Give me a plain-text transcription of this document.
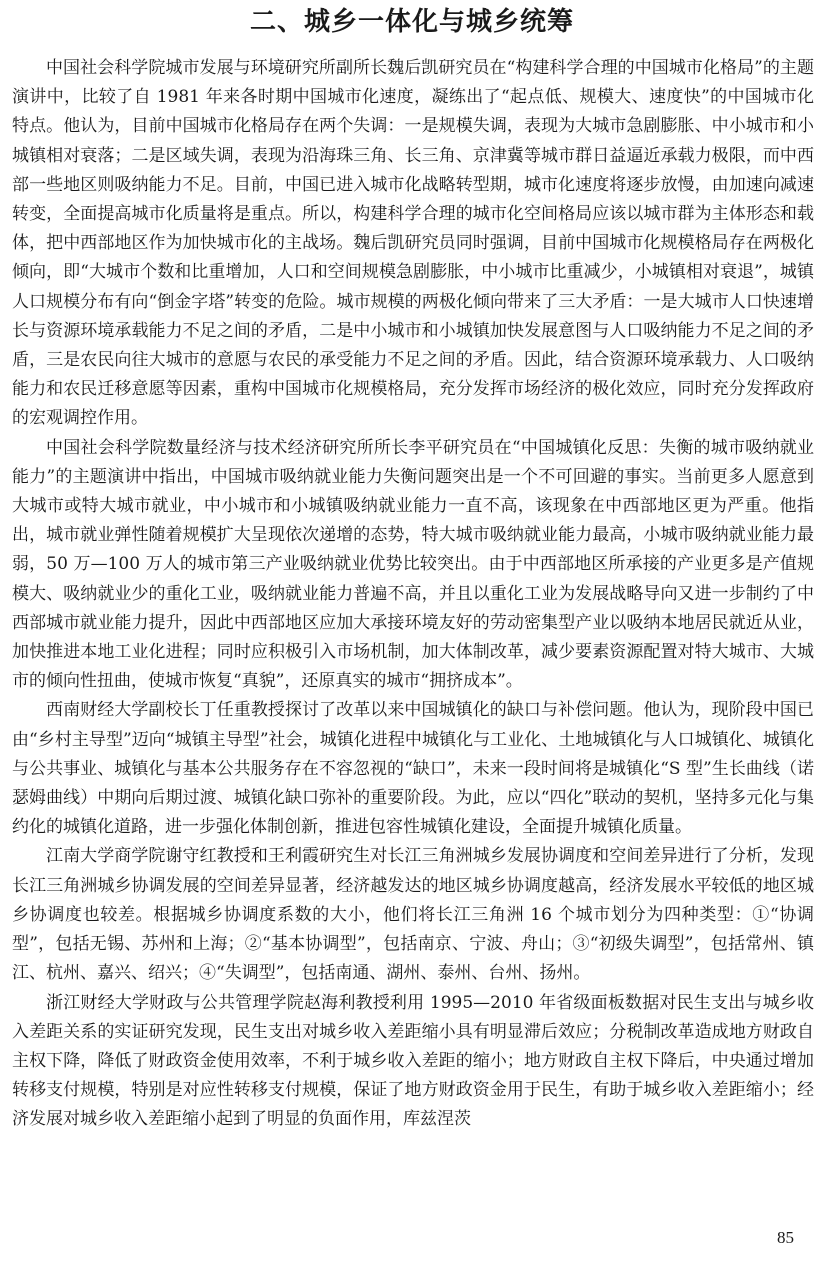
二、城乡一体化与城乡统筹

中国社会科学院城市发展与环境研究所副所长魏后凯研究员在“构建科学合理的中国城市化格局”的主题演讲中，比较了自 1981 年来各时期中国城市化速度，凝练出了“起点低、规模大、速度快”的中国城市化特点。他认为，目前中国城市化格局存在两个失调：一是规模失调，表现为大城市急剧膨胀、中小城市和小城镇相对衰落；二是区域失调，表现为沿海珠三角、长三角、京津冀等城市群日益逼近承载力极限，而中西部一些地区则吸纳能力不足。目前，中国已进入城市化战略转型期，城市化速度将逐步放慢，由加速向减速转变，全面提高城市化质量将是重点。所以，构建科学合理的城市化空间格局应该以城市群为主体形态和载体，把中西部地区作为加快城市化的主战场。魏后凯研究员同时强调，目前中国城市化规模格局存在两极化倾向，即“大城市个数和比重增加，人口和空间规模急剧膨胀，中小城市比重减少，小城镇相对衰退”，城镇人口规模分布有向“倒金字塔”转变的危险。城市规模的两极化倾向带来了三大矛盾：一是大城市人口快速增长与资源环境承载能力不足之间的矛盾，二是中小城市和小城镇加快发展意图与人口吸纳能力不足之间的矛盾，三是农民向往大城市的意愿与农民的承受能力不足之间的矛盾。因此，结合资源环境承载力、人口吸纳能力和农民迁移意愿等因素，重构中国城市化规模格局，充分发挥市场经济的极化效应，同时充分发挥政府的宏观调控作用。

中国社会科学院数量经济与技术经济研究所所长李平研究员在“中国城镇化反思：失衡的城市吸纳就业能力”的主题演讲中指出，中国城市吸纳就业能力失衡问题突出是一个不可回避的事实。当前更多人愿意到大城市或特大城市就业，中小城市和小城镇吸纳就业能力一直不高，该现象在中西部地区更为严重。他指出，城市就业弹性随着规模扩大呈现依次递增的态势，特大城市吸纳就业能力最高，小城市吸纳就业能力最弱，50 万—100 万人的城市第三产业吸纳就业优势比较突出。由于中西部地区所承接的产业更多是产值规模大、吸纳就业少的重化工业，吸纳就业能力普遍不高，并且以重化工业为发展战略导向又进一步制约了中西部城市就业能力提升，因此中西部地区应加大承接环境友好的劳动密集型产业以吸纳本地居民就近从业，加快推进本地工业化进程；同时应积极引入市场机制，加大体制改革，减少要素资源配置对特大城市、大城市的倾向性扭曲，使城市恢复“真貌”，还原真实的城市“拥挤成本”。

西南财经大学副校长丁任重教授探讨了改革以来中国城镇化的缺口与补偿问题。他认为，现阶段中国已由“乡村主导型”迈向“城镇主导型”社会，城镇化进程中城镇化与工业化、土地城镇化与人口城镇化、城镇化与公共事业、城镇化与基本公共服务存在不容忽视的“缺口”，未来一段时间将是城镇化“S 型”生长曲线（诺瑟姆曲线）中期向后期过渡、城镇化缺口弥补的重要阶段。为此，应以“四化”联动的契机，坚持多元化与集约化的城镇化道路，进一步强化体制创新，推进包容性城镇化建设，全面提升城镇化质量。

江南大学商学院谢守红教授和王利霞研究生对长江三角洲城乡发展协调度和空间差异进行了分析，发现长江三角洲城乡协调发展的空间差异显著，经济越发达的地区城乡协调度越高，经济发展水平较低的地区城乡协调度也较差。根据城乡协调度系数的大小，他们将长江三角洲 16 个城市划分为四种类型：①“协调型”，包括无锡、苏州和上海；②“基本协调型”，包括南京、宁波、舟山；③“初级失调型”，包括常州、镇江、杭州、嘉兴、绍兴；④“失调型”，包括南通、湖州、泰州、台州、扬州。

浙江财经大学财政与公共管理学院赵海利教授利用 1995—2010 年省级面板数据对民生支出与城乡收入差距关系的实证研究发现，民生支出对城乡收入差距缩小具有明显滞后效应；分税制改革造成地方财政自主权下降，降低了财政资金使用效率，不利于城乡收入差距的缩小；地方财政自主权下降后，中央通过增加转移支付规模，特别是对应性转移支付规模，保证了地方财政资金用于民生，有助于城乡收入差距缩小；经济发展对城乡收入差距缩小起到了明显的负面作用，库兹涅茨

85
